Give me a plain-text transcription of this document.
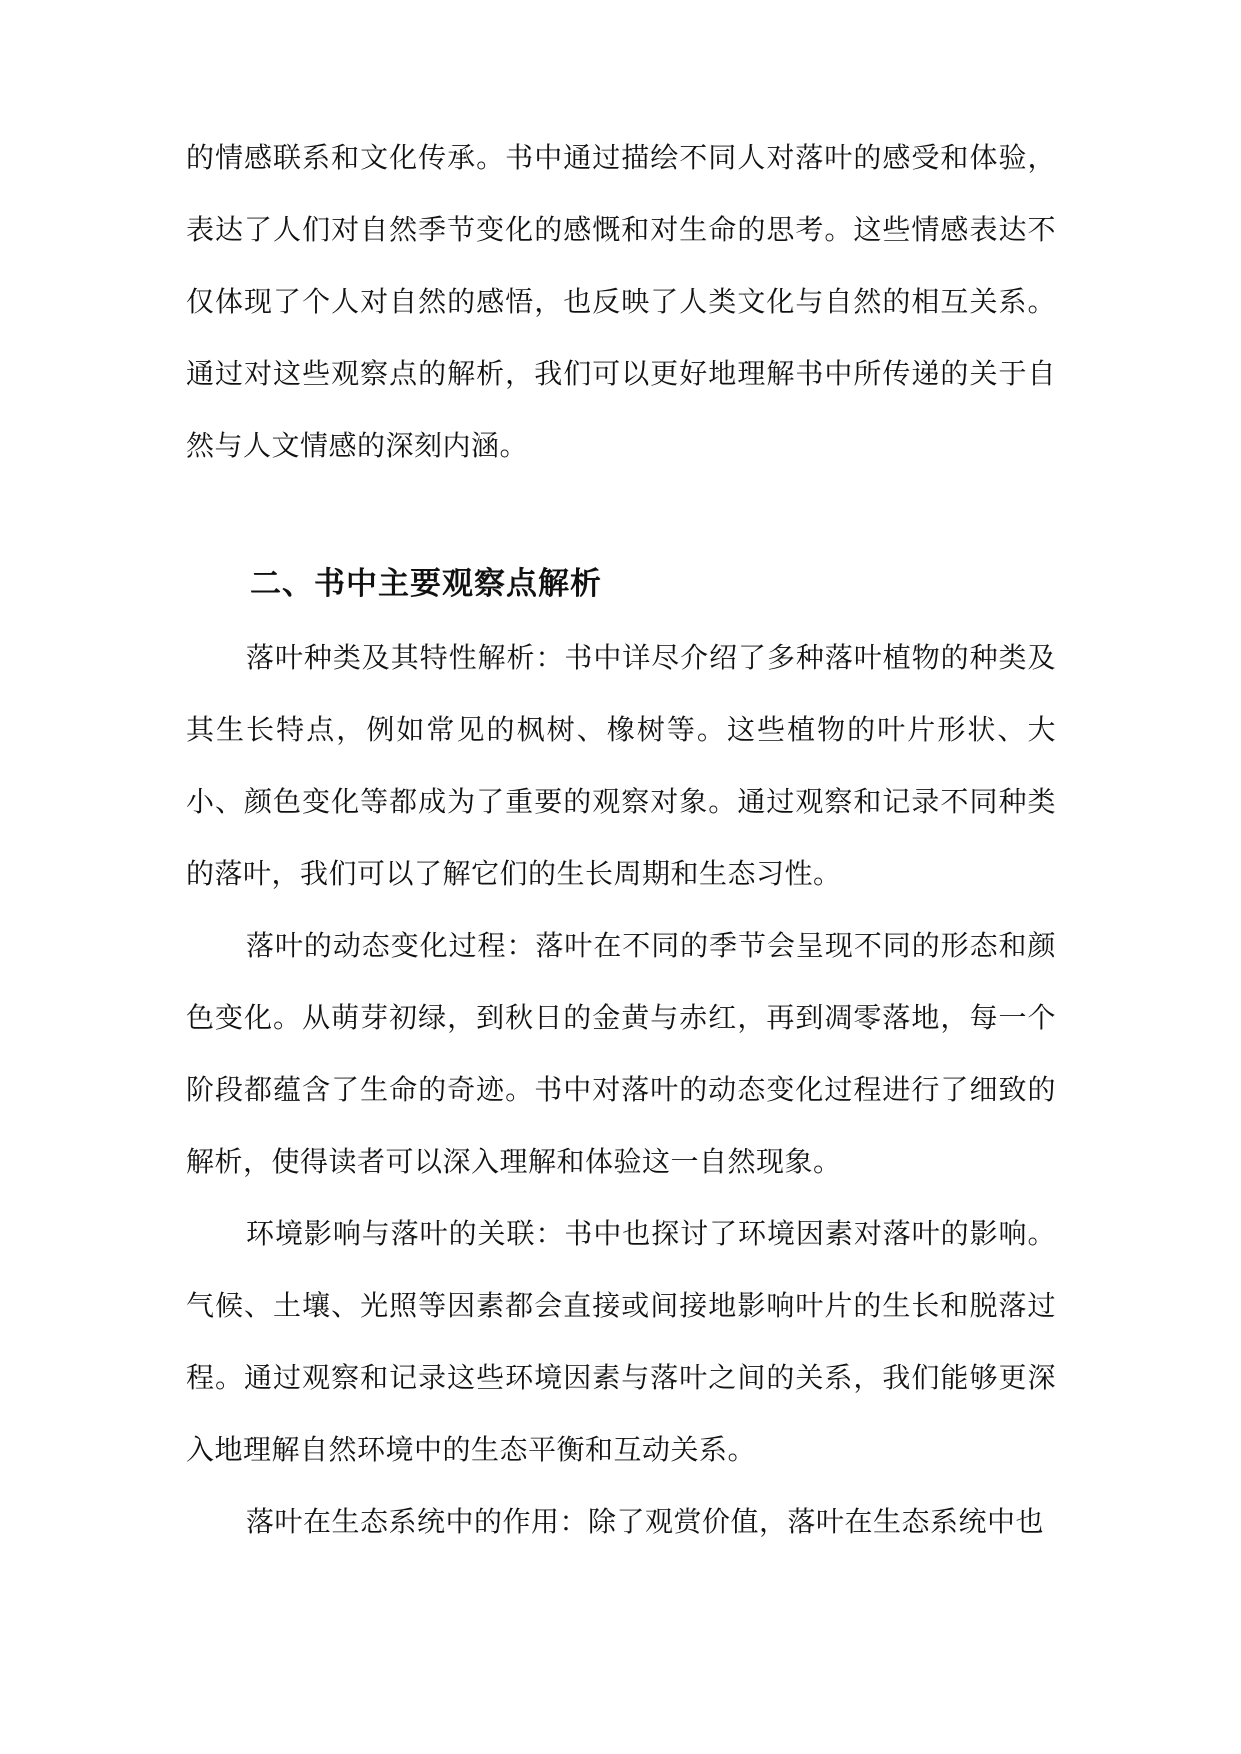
的情感联系和文化传承。书中通过描绘不同人对落叶的感受和体验，表达了人们对自然季节变化的感慨和对生命的思考。这些情感表达不仅体现了个人对自然的感悟，也反映了人类文化与自然的相互关系。通过对这些观察点的解析，我们可以更好地理解书中所传递的关于自然与人文情感的深刻内涵。

二、书中主要观察点解析

落叶种类及其特性解析：书中详尽介绍了多种落叶植物的种类及其生长特点，例如常见的枫树、橡树等。这些植物的叶片形状、大小、颜色变化等都成为了重要的观察对象。通过观察和记录不同种类的落叶，我们可以了解它们的生长周期和生态习性。

落叶的动态变化过程：落叶在不同的季节会呈现不同的形态和颜色变化。从萌芽初绿，到秋日的金黄与赤红，再到凋零落地，每一个阶段都蕴含了生命的奇迹。书中对落叶的动态变化过程进行了细致的解析，使得读者可以深入理解和体验这一自然现象。

环境影响与落叶的关联：书中也探讨了环境因素对落叶的影响。气候、土壤、光照等因素都会直接或间接地影响叶片的生长和脱落过程。通过观察和记录这些环境因素与落叶之间的关系，我们能够更深入地理解自然环境中的生态平衡和互动关系。

落叶在生态系统中的作用：除了观赏价值，落叶在生态系统中也
